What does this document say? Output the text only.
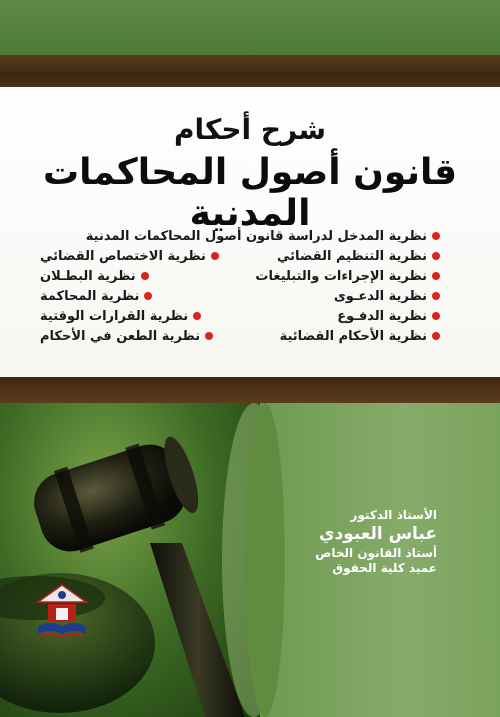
شرح أحكام

قانون أصول المحاكمات المدنية

نظرية المدخل لدراسة قانون أصول المحاكمات المدنية
نظرية التنظيم القضائي
نظرية الاختصاص القضائي
نظرية الإجراءات والتبليغات
نظرية البطـلان
نظرية الدعـوى
نظرية المحاكمة
نظرية الدفـوع
نظرية القرارات الوقتية
نظرية الأحكام القضائية
نظرية الطعن في الأحكام

الأستاذ الدكتور

عباس العبودي

أستاذ القانون الخاص

عميد كلية الحقوق
